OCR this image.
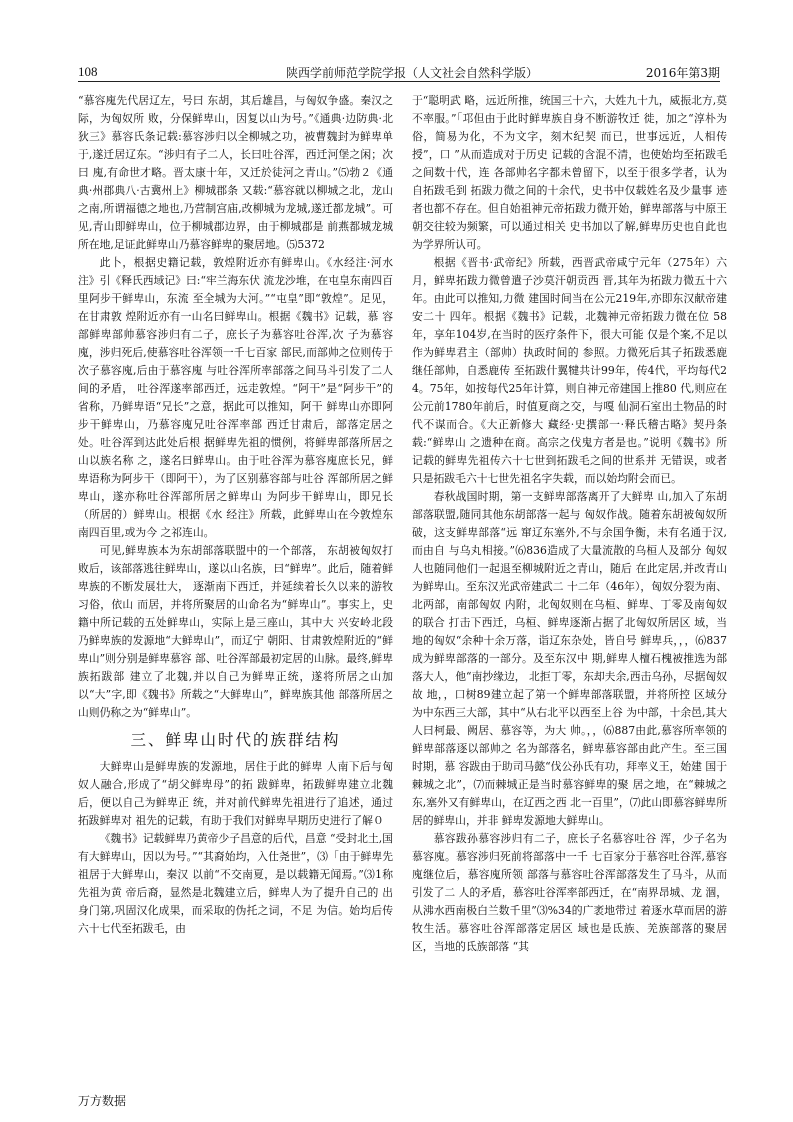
108	陕西学前师范学院学报（人文社会自然科学版）	2016年第3期

“慕容廆先代居辽左，号曰 东胡，其后雄昌，与匈奴争盛。秦汉之际，为匈奴所 败，分保鲜卑山，因复以山为号。”《通典·边防典·北狄三》慕容氏条记载:慕容涉归以全柳城之功，被曹魏封为鲜卑单于,遂迁居辽东。“涉归有子二人，长曰吐谷浑，西迁河堡之闲；次曰 廆,有命世才略。晋太康十年，又迁於徒河之青山。”⑸勃２《通典·州郡典八·古冀州上》柳城郡条 又载:“慕容就以柳城之北，龙山之南,所谓福德之地也,乃营制宫庙,改柳城为龙城,遂迁都龙城”。可 见,青山即鲜卑山，位于柳城郡边界，由于柳城郡是 前燕都城龙城所在地,足证此鲜卑山乃慕容鲜卑的聚居地。⑸5372

此卜，根据史籍记载，敦煌附近亦有鲜卑山。《水经注·河水注》引《释氏西域记》曰:“牢兰海东伏 流龙沙堆，在屯皇东南四百里阿步干鲜卑山，东流 至全城为大河。”“屯皇”即“敦煌”。足见，在甘肃敦 煌附近亦有一山名曰鲜卑山。根据《魏书》记载，慕 容部鲜卑部帅慕容涉归有二子，庶长子为慕容吐谷浑,次 子为慕容廆，涉归死后,使慕容吐谷浑领一千七百家 部民,而部帅之位则传于次子慕容廆,后由于慕容廆 与吐谷浑所率部落之间马斗引发了二人间的矛盾， 吐谷浑遂率部西迁，远走敦煌。“阿干”是“阿步干”的省称，乃鲜卑语“兄长”之意，据此可以推知，阿干 鲜卑山亦即阿步干鲜卑山，乃慕容廆兄吐谷浑率部 西迁甘肃后，部落定居之处。吐谷浑到达此处后根 据鲜卑先祖的惯例，将鲜卑部落所居之山以族名称 之，遂名曰鲜卑山。由于吐谷浑为慕容廆庶长兄，鲜 卑语称为阿步干（即阿干），为了区别慕容部与吐谷 浑部所居之鲜卑山，遂亦称吐谷浑部所居之鲜卑山 为阿步干鲜卑山，即兄长（所居的）鲜卑山。根据《水 经注》所载，此鲜卑山在今敦煌东南四百里,或为今 之祁连山。

可见,鲜卑族本为东胡部落联盟中的一个部落， 东胡被匈奴打败后，该部落逃往鲜卑山，遂以山名族，曰“鲜卑”。此后，随着鲜卑族的不断发展壮大， 逐渐南下西迁，并延续着长久以来的游牧习俗，依山 而居，并将所聚居的山命名为“鲜卑山”。事实上，史 籍中所记载的五处鲜卑山，实际上是三座山，其中大 兴安岭北段乃鲜卑族的发源地“大鲜卑山”，而辽宁 朝阳、甘肃敦煌附近的“鲜卑山”则分别是鲜卑慕容 部、吐谷浑部最初定居的山脉。最终,鲜卑族拓跋部 建立了北魏,并以自己为鲜卑正统，遂将所居之山加 以“大”字,即《魏书》所载之“大鲜卑山”，鲜卑族其他 部落所居之山则仍称之为“鲜卑山”。

三、鲜卑山时代的族群结构

大鲜卑山是鲜卑族的发源地，居住于此的鲜卑 人南下后与匈奴人融合,形成了“胡父鲜卑母”的拓 跋鲜卑，拓跋鲜卑建立北魏后，便以自己为鲜卑正 统，并对前代鲜卑先祖进行了追述，通过拓跋鲜卑对 祖先的记载，有助于我们对鲜卑早期历史进行了解０

《魏书》记载鲜卑乃黄帝少子昌意的后代，昌意 “受封北土,国有大鲜卑山，因以为号。”“其裔始均，入仕尧世”，⑶「由于鲜卑先祖居于大鲜卑山，秦汉 以前“不交南夏，是以载籍无闻焉。”⑶1称先祖为黄 帝后裔，显然是北魏建立后，鲜卑人为了提升自己的 出身门第,巩固汉化成果，而采取的伪托之词，不足 为信。始均后传六十七代至拓跋毛，由

于“聪明武 略，远近所推，统国三十六，大姓九十九，威振北方,莫不率服。”「邛但由于此时鲜卑族自身不断游牧迁 徙，加之“淳朴为俗，简易为化，不为文字，刻木纪契 而已，世事远近，人相传授”，口 ”从而造成对于历史 记载的含混不清，也使始均至拓跋毛之间数十代，连 各部帅名字都未曾留下，以至于很多学者，认为自拓跋毛到 拓跋力微之间的十余代，史书中仅载姓名及少量事 迹者也都不存在。但自始祖神元帝拓跋力微开始，鲜卑部落与中原王朝交往较为频繁，可以通过相关 史书加以了解,鲜卑历史也自此也为学界所认可。

根据《晋书·武帝纪》所载，西晋武帝咸宁元年（275年）六月，鲜卑拓跋力微曾遣子沙莫汗朝贡西 晋,其年为拓跋力微五十六年。由此可以推知,力微 建国时间当在公元219年,亦即东汉献帝建安二十 四年。根据《魏书》记载，北魏神元帝拓跋力微在位 58年，享年104岁,在当时的医疗条件下，很大可能 仅是个案,不足以作为鲜卑君主（部帅）执政时间的 参照。力微死后其子拓跋悉鹿继任部帅，自悉鹿传 至拓跋什翼犍共计99年，传4代，平均每代24。75年，如按每代25年计算，则自神元帝建国上推80 代,则应在公元前1780年前后，时值夏商之交，与嘎 仙洞石室出土物品的时代不谋而合。《大正新修大 藏经·史撰部一·释氏稽古略》契丹条载:“鲜卑山 之遗种在商。高宗之伐鬼方者是也。”说明《魏书》所 记载的鲜卑先祖传六十七世到拓跋毛之间的世系并 无错误，或者只是拓跋毛六十七世先祖名字失载，而以始均附会而已。

春秋战国时期，第一支鲜卑部落离开了大鲜卑 山,加入了东胡部落联盟,随同其他东胡部落一起与 匈奴作战。随着东胡被匈奴所破，这支鲜卑部落“远 窜辽东塞外,不与余国争衡，未有名通于汉,而由自 与乌丸相接。”⑹836造成了大量流散的乌桓人及部分 匈奴人也随同他们一起退至柳城附近之青山，随后 在此定居,并改青山为鲜卑山。至东汉光武帝建武二 十二年（46年），匈奴分裂为南、北两部，南部匈奴 内附，北匈奴则在乌桓、鲜卑、丁零及南匈奴的联合 打击下西迁，乌桓、鲜卑逐渐占据了北匈奴所居区 域，当地的匈奴“余种十余万落，诣辽东杂处，皆自号 鲜卑兵，，，⑹837成为鲜卑部落的一部分。及至东汉中 期,鲜卑人檀石槐被推选为部落大人，他“南抄缘边， 北拒丁零，东却夫余,西击乌孙，尽据匈奴故 地，，口树89建立起了第一个鲜卑部落联盟，并将所控 区域分为中东西三大部，其中“从右北平以西至上谷 为中部，十余邑,其大人曰柯最、阙居、慕容等，为大 帅。，，⑹887由此,慕容所率领的鲜卑部落逐以部帅之 名为部落名，鲜卑慕容部由此产生。至三国时期，慕 容跋由于助司马懿“伐公孙氏有功，拜率义王，始建 国于棘城之北”，⑺而棘城正是当时慕容鲜卑的聚 居之地，在“棘城之东,塞外又有鲜卑山，在辽西之西 北一百里”，⑺此山即慕容鲜卑所居的鲜卑山，并非 鲜卑发源地大鲜卑山。

慕容跋孙慕容涉归有二子，庶长子名慕容吐谷 浑，少子名为慕容廆。慕容涉归死前将部落中一千 七百家分于慕容吐谷浑,慕容廆继位后，慕容廆所领 部落与慕容吐谷浑部落发生了马斗，从而引发了二 人的矛盾，慕容吐谷浑率部西迁，在“南界昂城、龙 涸，从沸水西南极白兰数千里”⑶%34的广袤地带过 着逐水草而居的游牧生活。慕容吐谷浑部落定居区 域也是氐族、羌族部落的聚居区，当地的氐族部落 “其

万方数据
